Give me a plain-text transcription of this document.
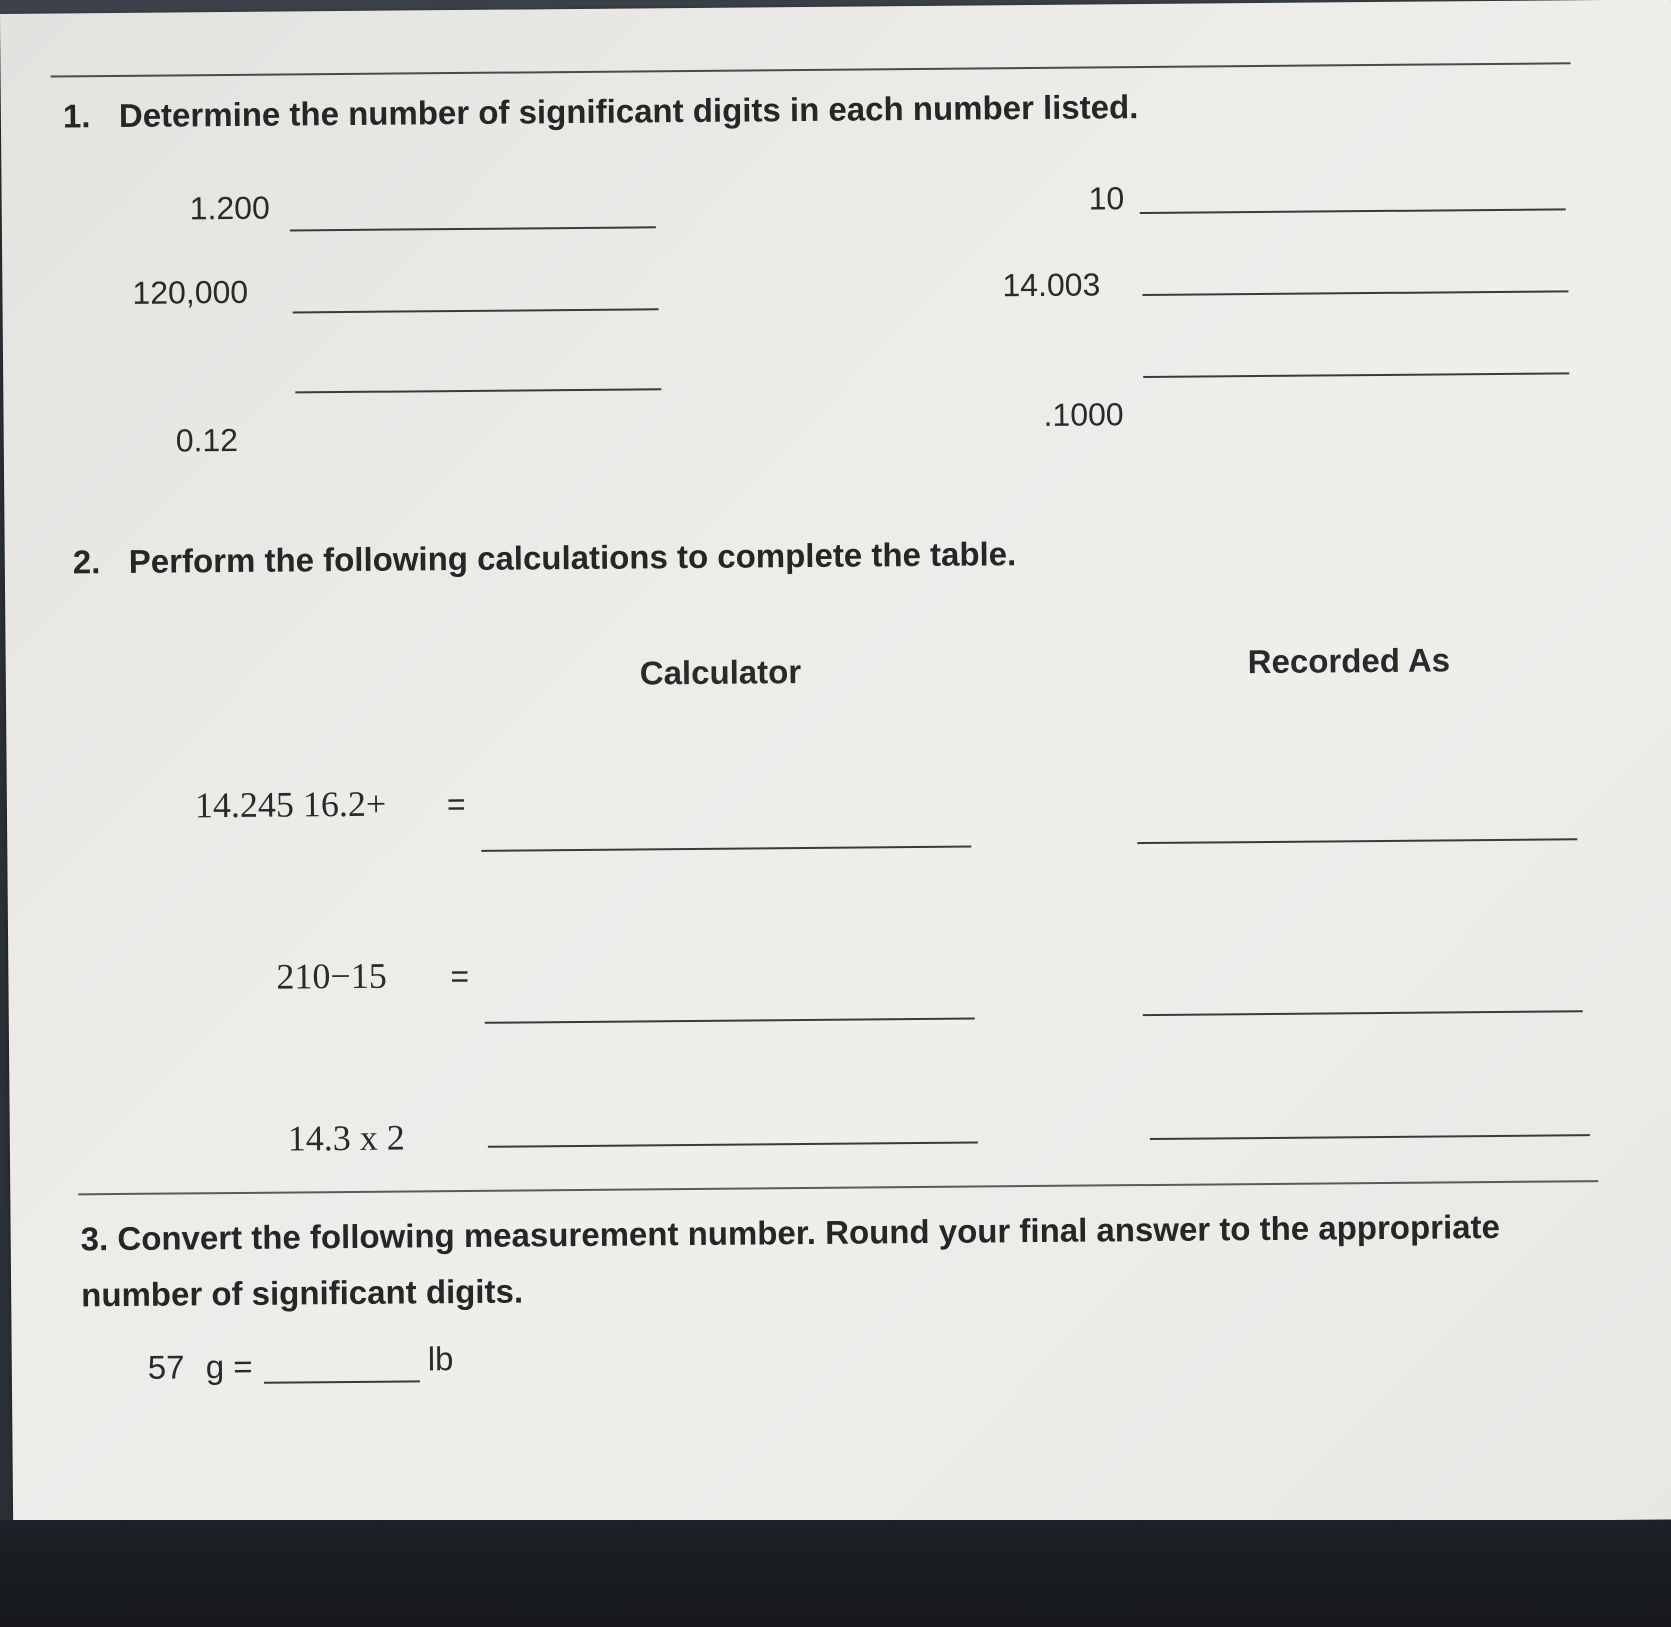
1. Determine the number of significant digits in each number listed.
1.200
120,000
0.12
10
14.003
.1000
2. Perform the following calculations to complete the table.
Calculator	Recorded As
14.245 16.2+ =
210−15 =
14.3 x 2
3. Convert the following measurement number. Round your final answer to the appropriate number of significant digits.
57 g =	lb
